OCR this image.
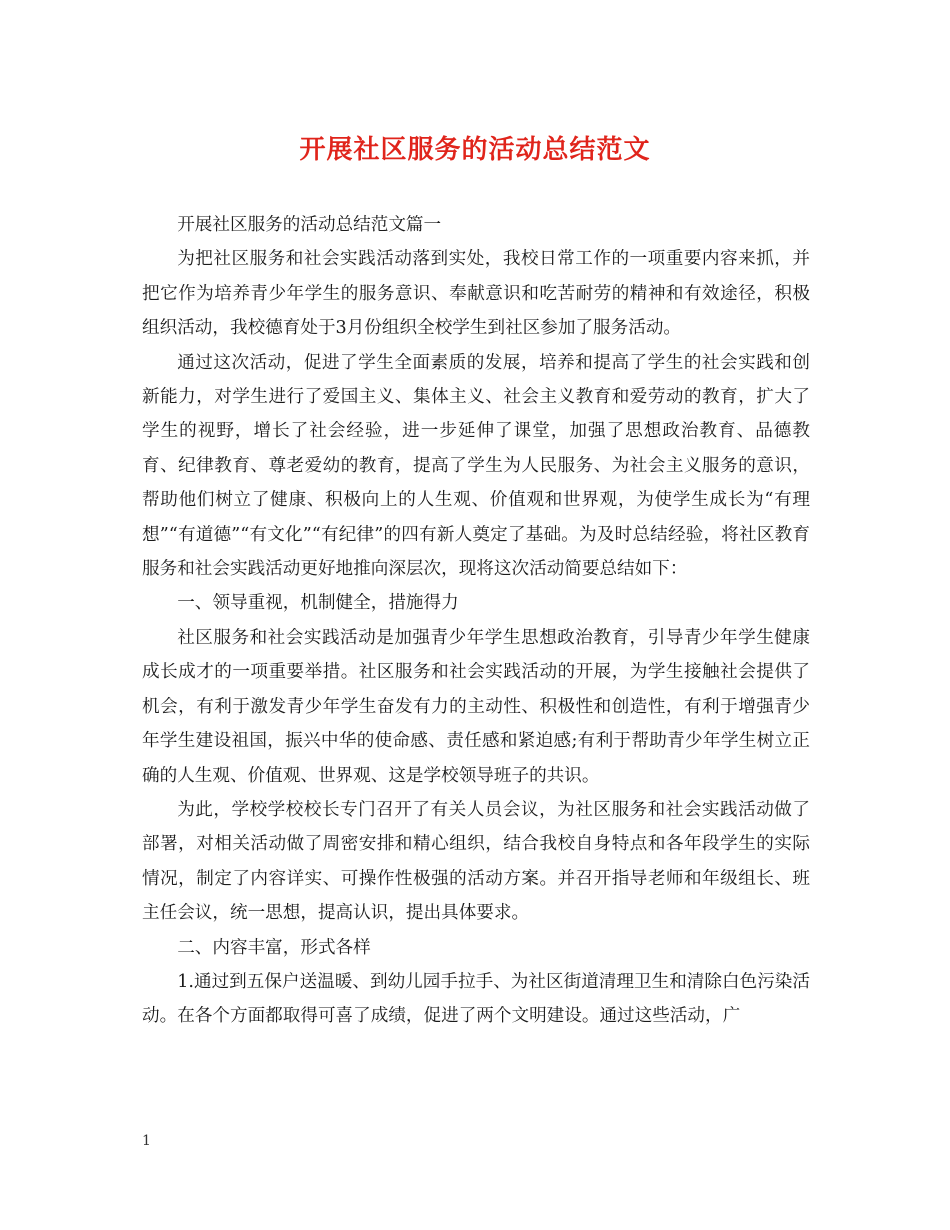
开展社区服务的活动总结范文

开展社区服务的活动总结范文篇一

为把社区服务和社会实践活动落到实处，我校日常工作的一项重要内容来抓，并把它作为培养青少年学生的服务意识、奉献意识和吃苦耐劳的精神和有效途径，积极组织活动，我校德育处于3月份组织全校学生到社区参加了服务活动。

通过这次活动，促进了学生全面素质的发展，培养和提高了学生的社会实践和创新能力，对学生进行了爱国主义、集体主义、社会主义教育和爱劳动的教育，扩大了学生的视野，增长了社会经验，进一步延伸了课堂，加强了思想政治教育、品德教育、纪律教育、尊老爱幼的教育，提高了学生为人民服务、为社会主义服务的意识，帮助他们树立了健康、积极向上的人生观、价值观和世界观，为使学生成长为“有理想”“有道德”“有文化”“有纪律”的四有新人奠定了基础。为及时总结经验，将社区教育服务和社会实践活动更好地推向深层次，现将这次活动简要总结如下：

一、领导重视，机制健全，措施得力

社区服务和社会实践活动是加强青少年学生思想政治教育，引导青少年学生健康成长成才的一项重要举措。社区服务和社会实践活动的开展，为学生接触社会提供了机会，有利于激发青少年学生奋发有力的主动性、积极性和创造性，有利于增强青少年学生建设祖国，振兴中华的使命感、责任感和紧迫感;有利于帮助青少年学生树立正确的人生观、价值观、世界观、这是学校领导班子的共识。

为此，学校学校校长专门召开了有关人员会议，为社区服务和社会实践活动做了部署，对相关活动做了周密安排和精心组织，结合我校自身特点和各年段学生的实际情况，制定了内容详实、可操作性极强的活动方案。并召开指导老师和年级组长、班主任会议，统一思想，提高认识，提出具体要求。

二、内容丰富，形式各样

1.通过到五保户送温暖、到幼儿园手拉手、为社区街道清理卫生和清除白色污染活动。在各个方面都取得可喜了成绩，促进了两个文明建设。通过这些活动，广

1
